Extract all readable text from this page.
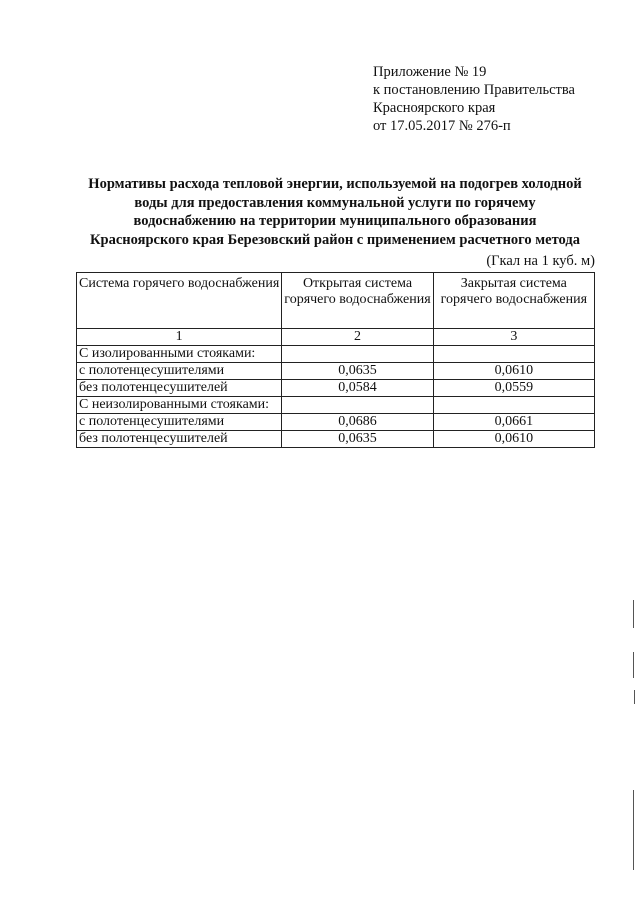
Приложение № 19
к постановлению Правительства
Красноярского края
от 17.05.2017 № 276-п
Нормативы расхода тепловой энергии, используемой на подогрев холодной
воды для предоставления коммунальной услуги по горячему
водоснабжению на территории муниципального образования
Красноярского края Березовский район с применением расчетного метода
(Гкал на 1 куб. м)
Система горячего водоснабжения	Открытая система горячего водоснабжения	Закрытая система горячего водоснабжения
1	2	3
С изолированными стояками:		
с полотенцесушителями	0,0635	0,0610
без полотенцесушителей	0,0584	0,0559
С неизолированными стояками:		
с полотенцесушителями	0,0686	0,0661
без полотенцесушителей	0,0635	0,0610
